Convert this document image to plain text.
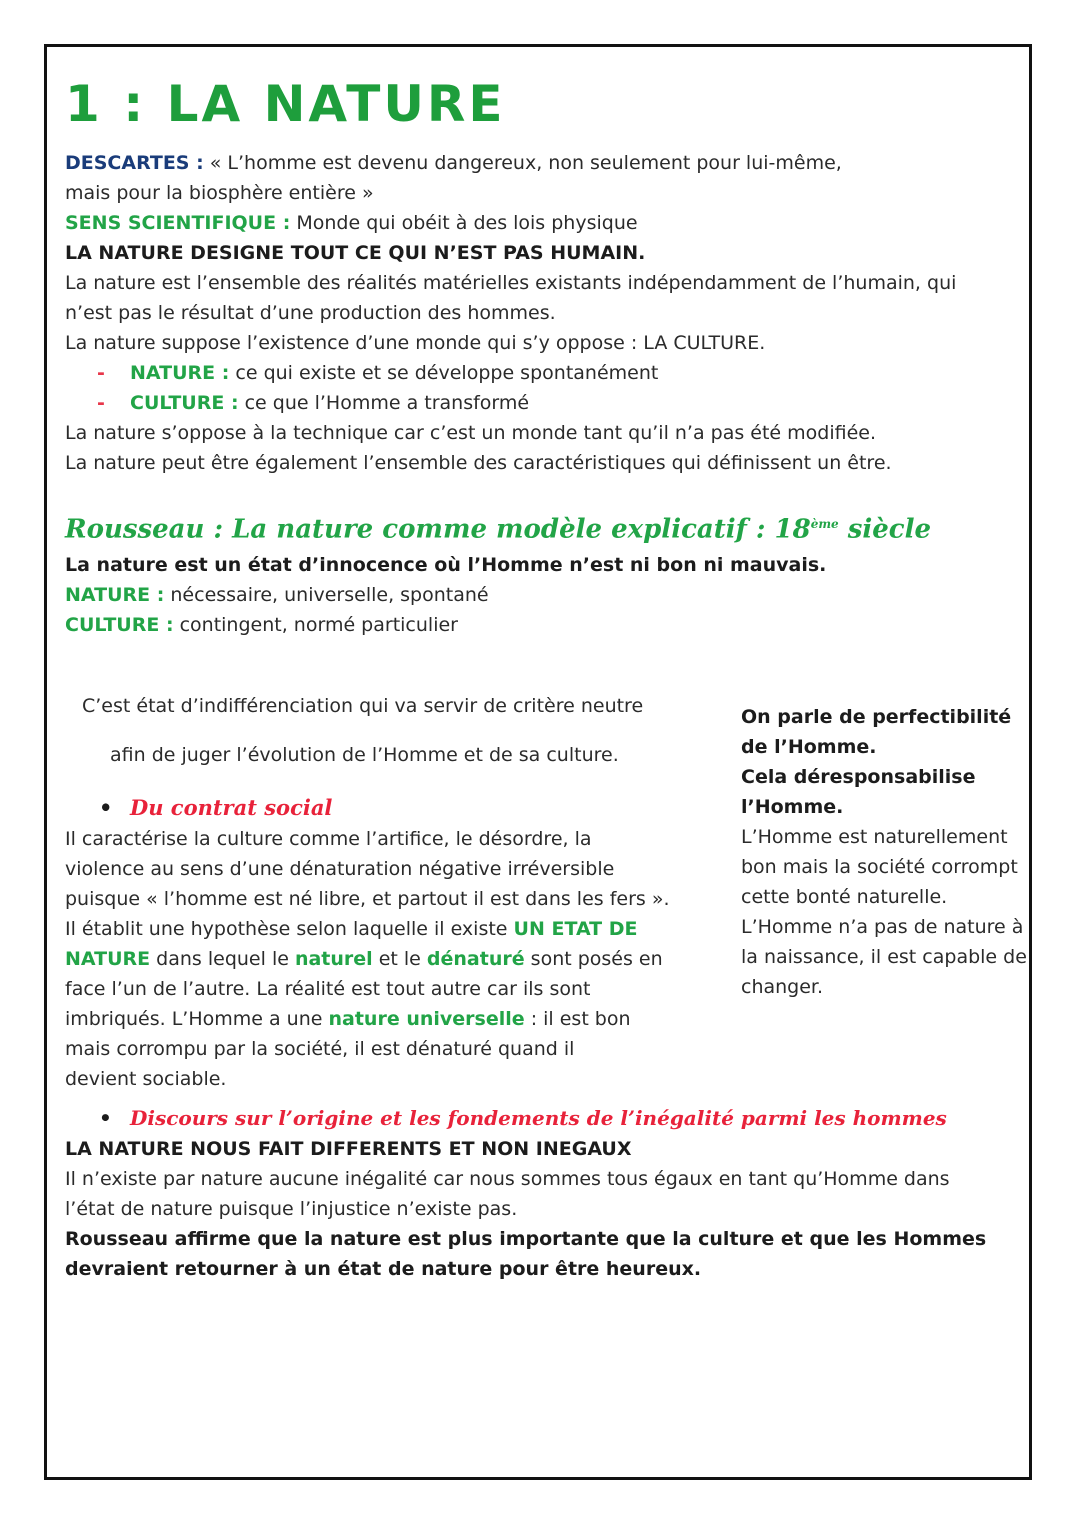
1 : LA NATURE

DESCARTES : « L’homme est devenu dangereux, non seulement pour lui-même,

mais pour la biosphère entière »

SENS SCIENTIFIQUE : Monde qui obéit à des lois physique

LA NATURE DESIGNE TOUT CE QUI N’EST PAS HUMAIN.

La nature est l’ensemble des réalités matérielles existants indépendamment de l’humain, qui

n’est pas le résultat d’une production des hommes.

La nature suppose l’existence d’une monde qui s’y oppose : LA CULTURE.

- NATURE : ce qui existe et se développe spontanément

- CULTURE : ce que l’Homme a transformé

La nature s’oppose à la technique car c’est un monde tant qu’il n’a pas été modifiée.

La nature peut être également l’ensemble des caractéristiques qui définissent un être.

Rousseau : La nature comme modèle explicatif : 18ème siècle

La nature est un état d’innocence où l’Homme n’est ni bon ni mauvais.

NATURE : nécessaire, universelle, spontané

CULTURE : contingent, normé particulier

C’est état d’indifférenciation qui va servir de critère neutre

afin de juger l’évolution de l’Homme et de sa culture.

• Du contrat social

Il caractérise la culture comme l’artifice, le désordre, la

violence au sens d’une dénaturation négative irréversible

puisque « l’homme est né libre, et partout il est dans les fers ».

Il établit une hypothèse selon laquelle il existe UN ETAT DE

NATURE dans lequel le naturel et le dénaturé sont posés en

face l’un de l’autre. La réalité est tout autre car ils sont

imbriqués. L’Homme a une nature universelle : il est bon

mais corrompu par la société, il est dénaturé quand il

devient sociable.

On parle de perfectibilité de l’Homme.

Cela déresponsabilise l’Homme.

L’Homme est naturellement bon mais la société corrompt cette bonté naturelle.

L’Homme n’a pas de nature à la naissance, il est capable de changer.

• Discours sur l’origine et les fondements de l’inégalité parmi les hommes

LA NATURE NOUS FAIT DIFFERENTS ET NON INEGAUX

Il n’existe par nature aucune inégalité car nous sommes tous égaux en tant qu’Homme dans

l’état de nature puisque l’injustice n’existe pas.

Rousseau affirme que la nature est plus importante que la culture et que les Hommes

devraient retourner à un état de nature pour être heureux.
